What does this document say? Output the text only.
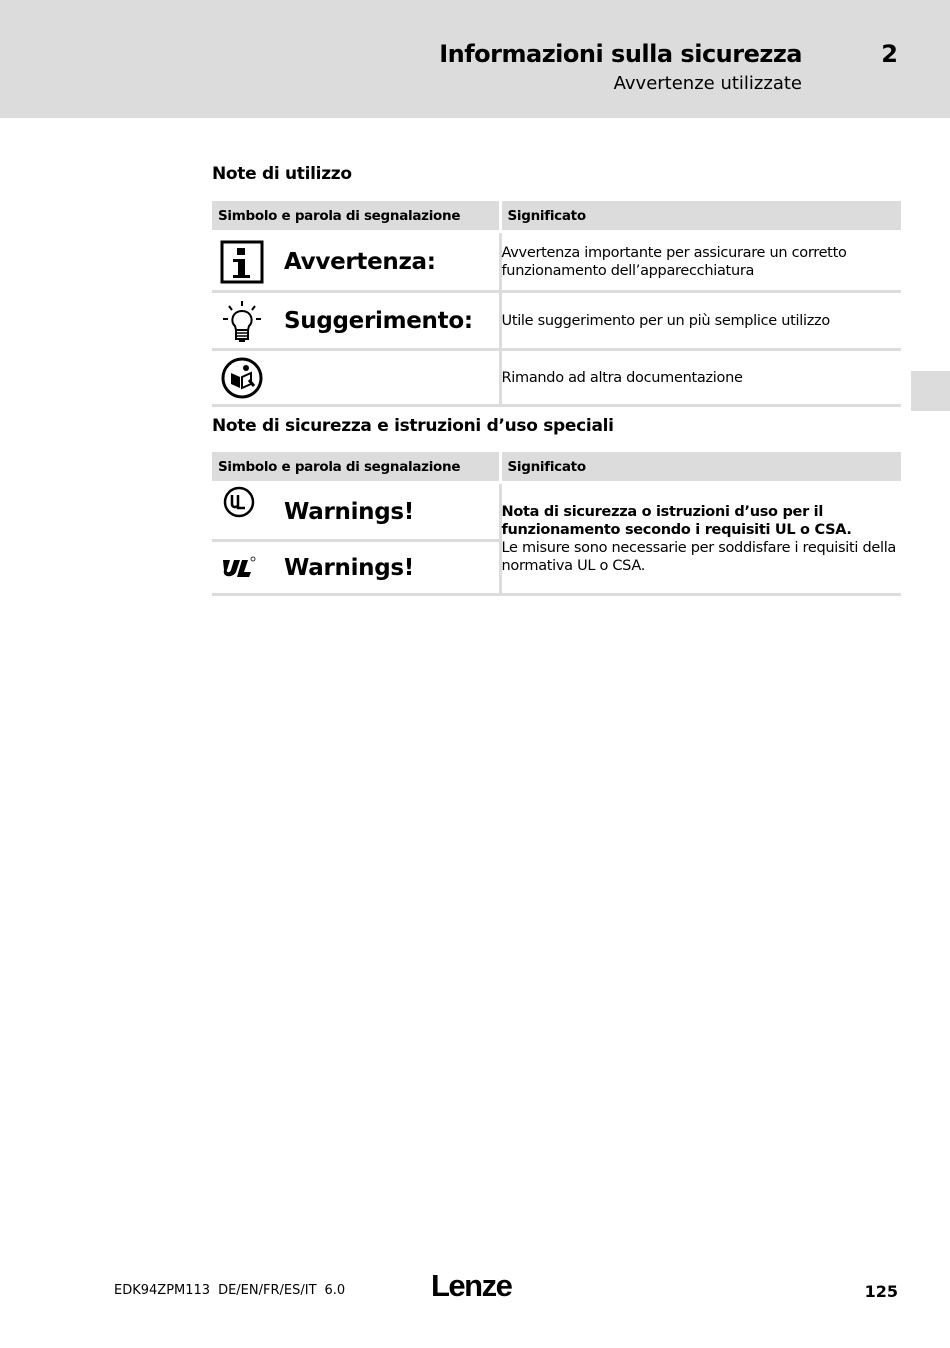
Informazioni sulla sicurezza
Avvertenze utilizzate
2
Note di utilizzo
Simbolo e parola di segnalazione	Significato

Avvertenza:	Avvertenza importante per assicurare un corretto funzionamento dell’apparecchiatura

Suggerimento:	Utile suggerimento per un più semplice utilizzo

	Rimando ad altra documentazione
Note di sicurezza e istruzioni d’uso speciali
Simbolo e parola di segnalazione	Significato

Warnings!	Nota di sicurezza o istruzioni d’uso per il funzionamento secondo i requisiti UL o CSA.
Le misure sono necessarie per soddisfare i requisiti della normativa UL o CSA.

Warnings!	
EDK94ZPM113 DE/EN/FR/ES/IT 6.0	Lenze	125
